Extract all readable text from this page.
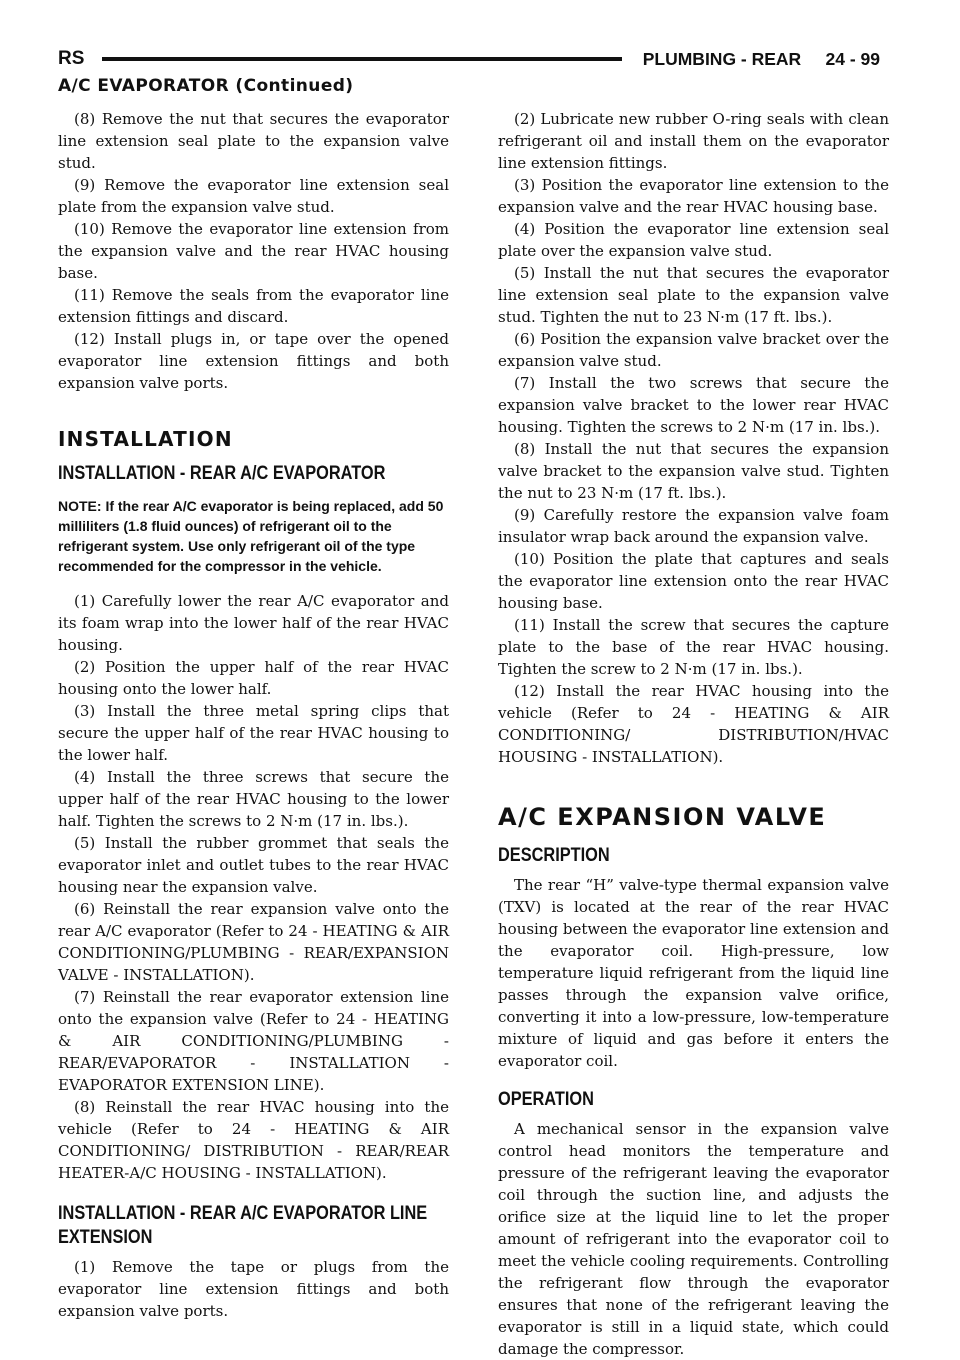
RS	PLUMBING - REAR     24 - 99
A/C EVAPORATOR (Continued)

(8) Remove the nut that secures the evaporator line extension seal plate to the expansion valve stud.

(9) Remove the evaporator line extension seal plate from the expansion valve stud.

(10) Remove the evaporator line extension from the expansion valve and the rear HVAC housing base.

(11) Remove the seals from the evaporator line extension fittings and discard.

(12) Install plugs in, or tape over the opened evaporator line extension fittings and both expansion valve ports.

INSTALLATION
INSTALLATION - REAR A/C EVAPORATOR
NOTE: If the rear A/C evaporator is being replaced, add 50 milliliters (1.8 fluid ounces) of refrigerant oil to the refrigerant system. Use only refrigerant oil of the type recommended for the compressor in the vehicle.

(1) Carefully lower the rear A/C evaporator and its foam wrap into the lower half of the rear HVAC housing.

(2) Position the upper half of the rear HVAC housing onto the lower half.

(3) Install the three metal spring clips that secure the upper half of the rear HVAC housing to the lower half.

(4) Install the three screws that secure the upper half of the rear HVAC housing to the lower half. Tighten the screws to 2 N·m (17 in. lbs.).

(5) Install the rubber grommet that seals the evaporator inlet and outlet tubes to the rear HVAC housing near the expansion valve.

(6) Reinstall the rear expansion valve onto the rear A/C evaporator (Refer to 24 - HEATING & AIR CONDITIONING/PLUMBING - REAR/EXPANSION VALVE - INSTALLATION).

(7) Reinstall the rear evaporator extension line onto the expansion valve (Refer to 24 - HEATING & AIR CONDITIONING/PLUMBING - REAR/EVAPORATOR - INSTALLATION - EVAPORATOR EXTENSION LINE).

(8) Reinstall the rear HVAC housing into the vehicle (Refer to 24 - HEATING & AIR CONDITIONING/ DISTRIBUTION - REAR/REAR HEATER-A/C HOUSING - INSTALLATION).

INSTALLATION - REAR A/C EVAPORATOR LINE EXTENSION

(1) Remove the tape or plugs from the evaporator line extension fittings and both expansion valve ports.

(2) Lubricate new rubber O-ring seals with clean refrigerant oil and install them on the evaporator line extension fittings.

(3) Position the evaporator line extension to the expansion valve and the rear HVAC housing base.

(4) Position the evaporator line extension seal plate over the expansion valve stud.

(5) Install the nut that secures the evaporator line extension seal plate to the expansion valve stud. Tighten the nut to 23 N·m (17 ft. lbs.).

(6) Position the expansion valve bracket over the expansion valve stud.

(7) Install the two screws that secure the expansion valve bracket to the lower rear HVAC housing. Tighten the screws to 2 N·m (17 in. lbs.).

(8) Install the nut that secures the expansion valve bracket to the expansion valve stud. Tighten the nut to 23 N·m (17 ft. lbs.).

(9) Carefully restore the expansion valve foam insulator wrap back around the expansion valve.

(10) Position the plate that captures and seals the evaporator line extension onto the rear HVAC housing base.

(11) Install the screw that secures the capture plate to the base of the rear HVAC housing. Tighten the screw to 2 N·m (17 in. lbs.).

(12) Install the rear HVAC housing into the vehicle (Refer to 24 - HEATING & AIR CONDITIONING/ DISTRIBUTION/HVAC HOUSING - INSTALLATION).

A/C EXPANSION VALVE
DESCRIPTION

The rear “H” valve-type thermal expansion valve (TXV) is located at the rear of the rear HVAC housing between the evaporator line extension and the evaporator coil. High-pressure, low temperature liquid refrigerant from the liquid line passes through the expansion valve orifice, converting it into a low-pressure, low-temperature mixture of liquid and gas before it enters the evaporator coil.

OPERATION

A mechanical sensor in the expansion valve control head monitors the temperature and pressure of the refrigerant leaving the evaporator coil through the suction line, and adjusts the orifice size at the liquid line to let the proper amount of refrigerant into the evaporator coil to meet the vehicle cooling requirements. Controlling the refrigerant flow through the evaporator ensures that none of the refrigerant leaving the evaporator is still in a liquid state, which could damage the compressor.
